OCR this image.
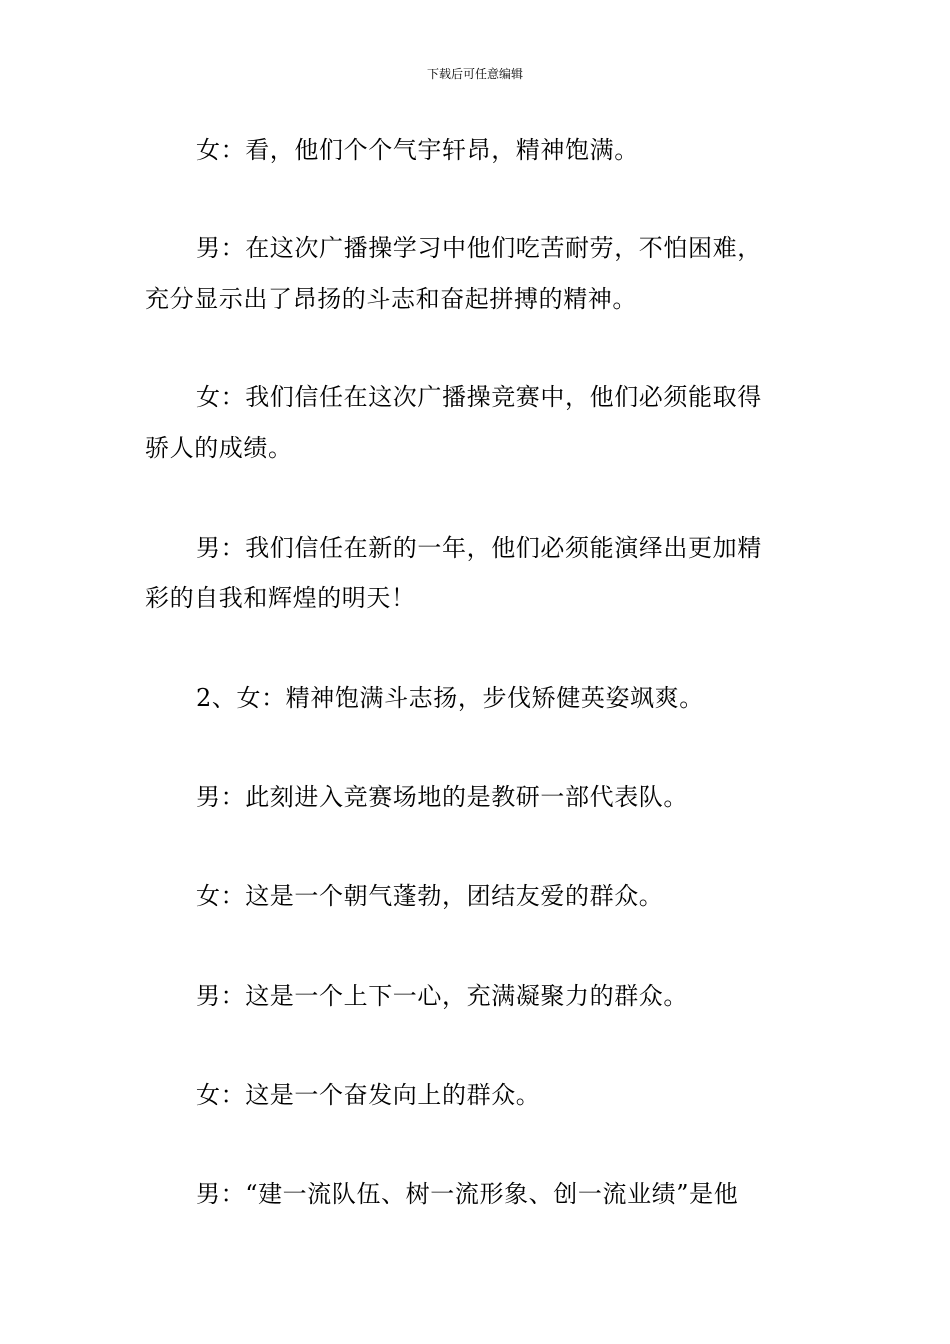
下载后可任意编辑
女：看，他们个个气宇轩昂，精神饱满。
男：在这次广播操学习中他们吃苦耐劳，不怕困难，
充分显示出了昂扬的斗志和奋起拼搏的精神。
女：我们信任在这次广播操竞赛中，他们必须能取得
骄人的成绩。
男：我们信任在新的一年，他们必须能演绎出更加精
彩的自我和辉煌的明天！
2、女：精神饱满斗志扬，步伐矫健英姿飒爽。
男：此刻进入竞赛场地的是教研一部代表队。
女：这是一个朝气蓬勃，团结友爱的群众。
男：这是一个上下一心，充满凝聚力的群众。
女：这是一个奋发向上的群众。
男：“建一流队伍、树一流形象、创一流业绩”是他
